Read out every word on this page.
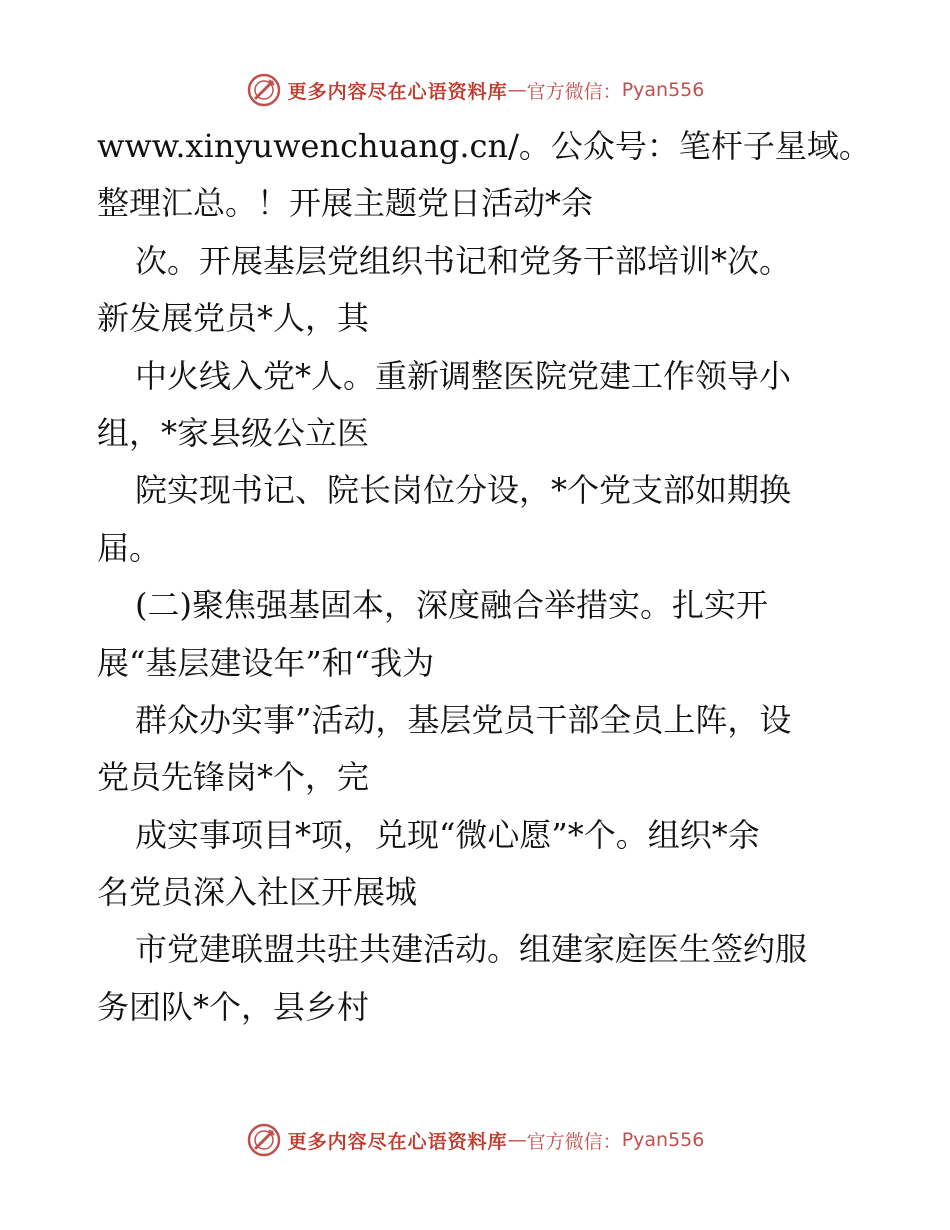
更多内容尽在心语资料库 — 官方微信： Pyan556
www.xinyuwenchuang.cn/。公众号：笔杆子星域。
整理汇总。！开展主题党日活动*余
次。开展基层党组织书记和党务干部培训*次。
新发展党员*人，其
中火线入党*人。重新调整医院党建工作领导小
组，*家县级公立医
院实现书记、院长岗位分设，*个党支部如期换
届。
(二)聚焦强基固本，深度融合举措实。扎实开
展“基层建设年”和“我为
群众办实事”活动，基层党员干部全员上阵，设
党员先锋岗*个，完
成实事项目*项，兑现“微心愿”*个。组织*余
名党员深入社区开展城
市党建联盟共驻共建活动。组建家庭医生签约服
务团队*个，县乡村
更多内容尽在心语资料库 — 官方微信： Pyan556
